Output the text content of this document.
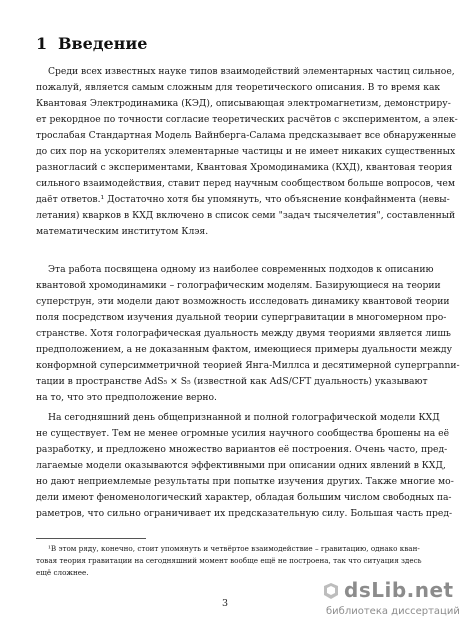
1 Введение
Среди всех известных науке типов взаимодействий элементарных частиц сильное,
пожалуй, является самым сложным для теоретического описания. В то время как
Квантовая Электродинамика (КЭД), описывающая электромагнетизм, демонстриру-
ет рекордное по точности согласие теоретических расчётов с экспериментом, а элек-
трослабая Стандартная Модель Вайнберга-Салама предсказывает все обнаруженные
до сих пор на ускорителях элементарные частицы и не имеет никаких существенных
разногласий с экспериментами, Квантовая Хромодинамика (КХД), квантовая теория
сильного взаимодействия, ставит перед научным сообществом больше вопросов, чем
даёт ответов.¹ Достаточно хотя бы упомянуть, что объяснение конфайнмента (невы-
летания) кварков в КХД включено в список семи "задач тысячелетия", составленный
математическим институтом Клэя.
Эта работа посвящена одному из наиболее современных подходов к описанию
квантовой хромодинамики – голографическим моделям. Базирующиеся на теории
суперструн, эти модели дают возможность исследовать динамику квантовой теории
поля посредством изучения дуальной теории супергравитации в многомерном про-
странстве. Хотя голографическая дуальность между двумя теориями является лишь
предположением, а не доказанным фактом, имеющиеся примеры дуальности между
конформной суперсимметричной теорией Янга-Миллса и десятимерной супергрannи-
тации в пространстве AdS₅ × S₅ (известной как AdS/CFT дуальность) указывают
на то, что это предположение верно.
На сегодняшний день общепризнанной и полной голографической модели КХД
не существует. Тем не менее огромные усилия научного сообщества брошены на её
разработку, и предложено множество вариантов её построения. Очень часто, пред-
лагаемые модели оказываются эффективными при описании одних явлений в КХД,
но дают неприемлемые результаты при попытке изучения других. Также многие мо-
дели имеют феноменологический характер, обладая большим числом свободных па-
раметров, что сильно ограничивает их предсказательную силу. Большая часть пред-
¹В этом ряду, конечно, стоит упомянуть и четвёртое взаимодействие – гравитацию, однако кван-
товая теория гравитации на сегодняшний момент вообще ещё не построена, так что ситуация здесь
ещё сложнее.
3
dsLib.net
библиотека диссертаций
